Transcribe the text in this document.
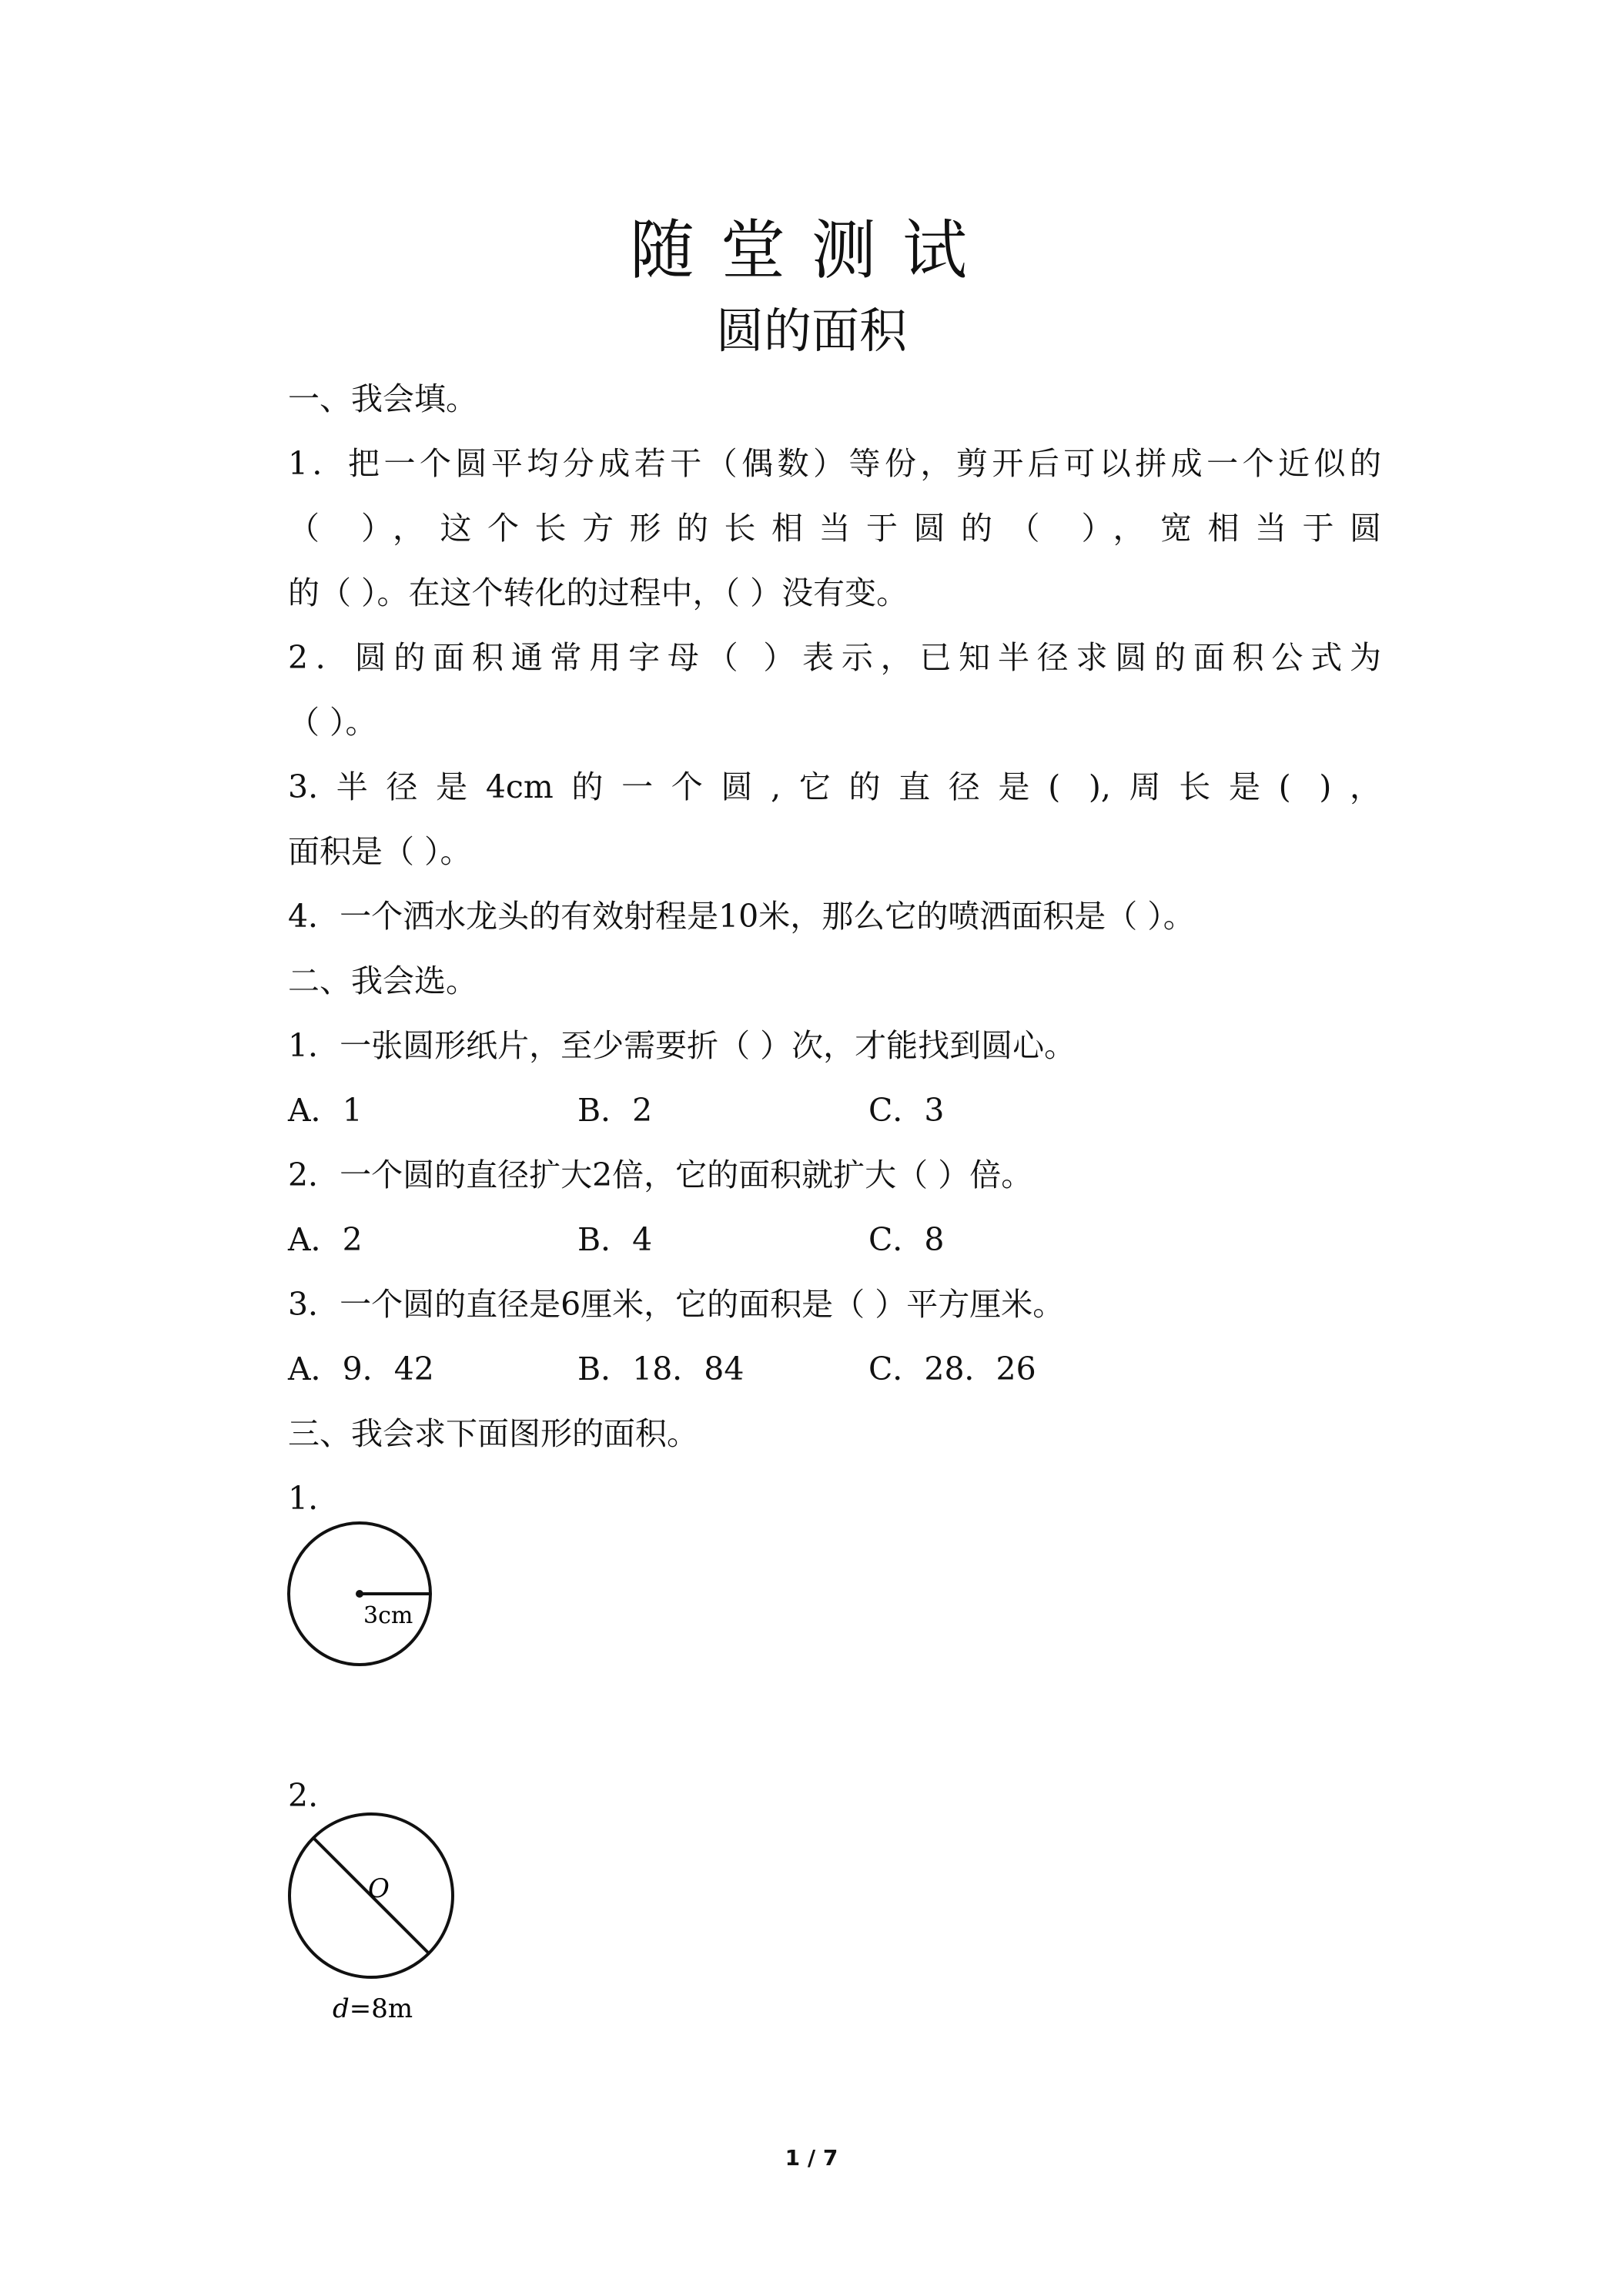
随堂测试
圆的面积
一、我会填。
1．把一个圆平均分成若干（偶数）等份，剪开后可以拼成一个近似的
（ ），这个长方形的长相当于圆的（ ），宽相当于圆
的（ ）。在这个转化的过程中，（ ）没有变。
2．圆的面积通常用字母（ ）表示，已知半径求圆的面积公式为
（ ）。
3.半径是4cm的一个圆,它的直径是( ),周长是( )，
面积是（ ）。
4．一个洒水龙头的有效射程是10米，那么它的喷洒面积是（ ）。
二、我会选。
1．一张圆形纸片，至少需要折（ ）次，才能找到圆心。
A．1	B．2	C．3
2．一个圆的直径扩大2倍，它的面积就扩大（ ）倍。
A．2	B．4	C．8
3．一个圆的直径是6厘米，它的面积是（ ）平方厘米。
A．9．42	B．18．84	C．28．26
三、我会求下面图形的面积。
1.
3cm
2.
O
d=8m
1 / 7
